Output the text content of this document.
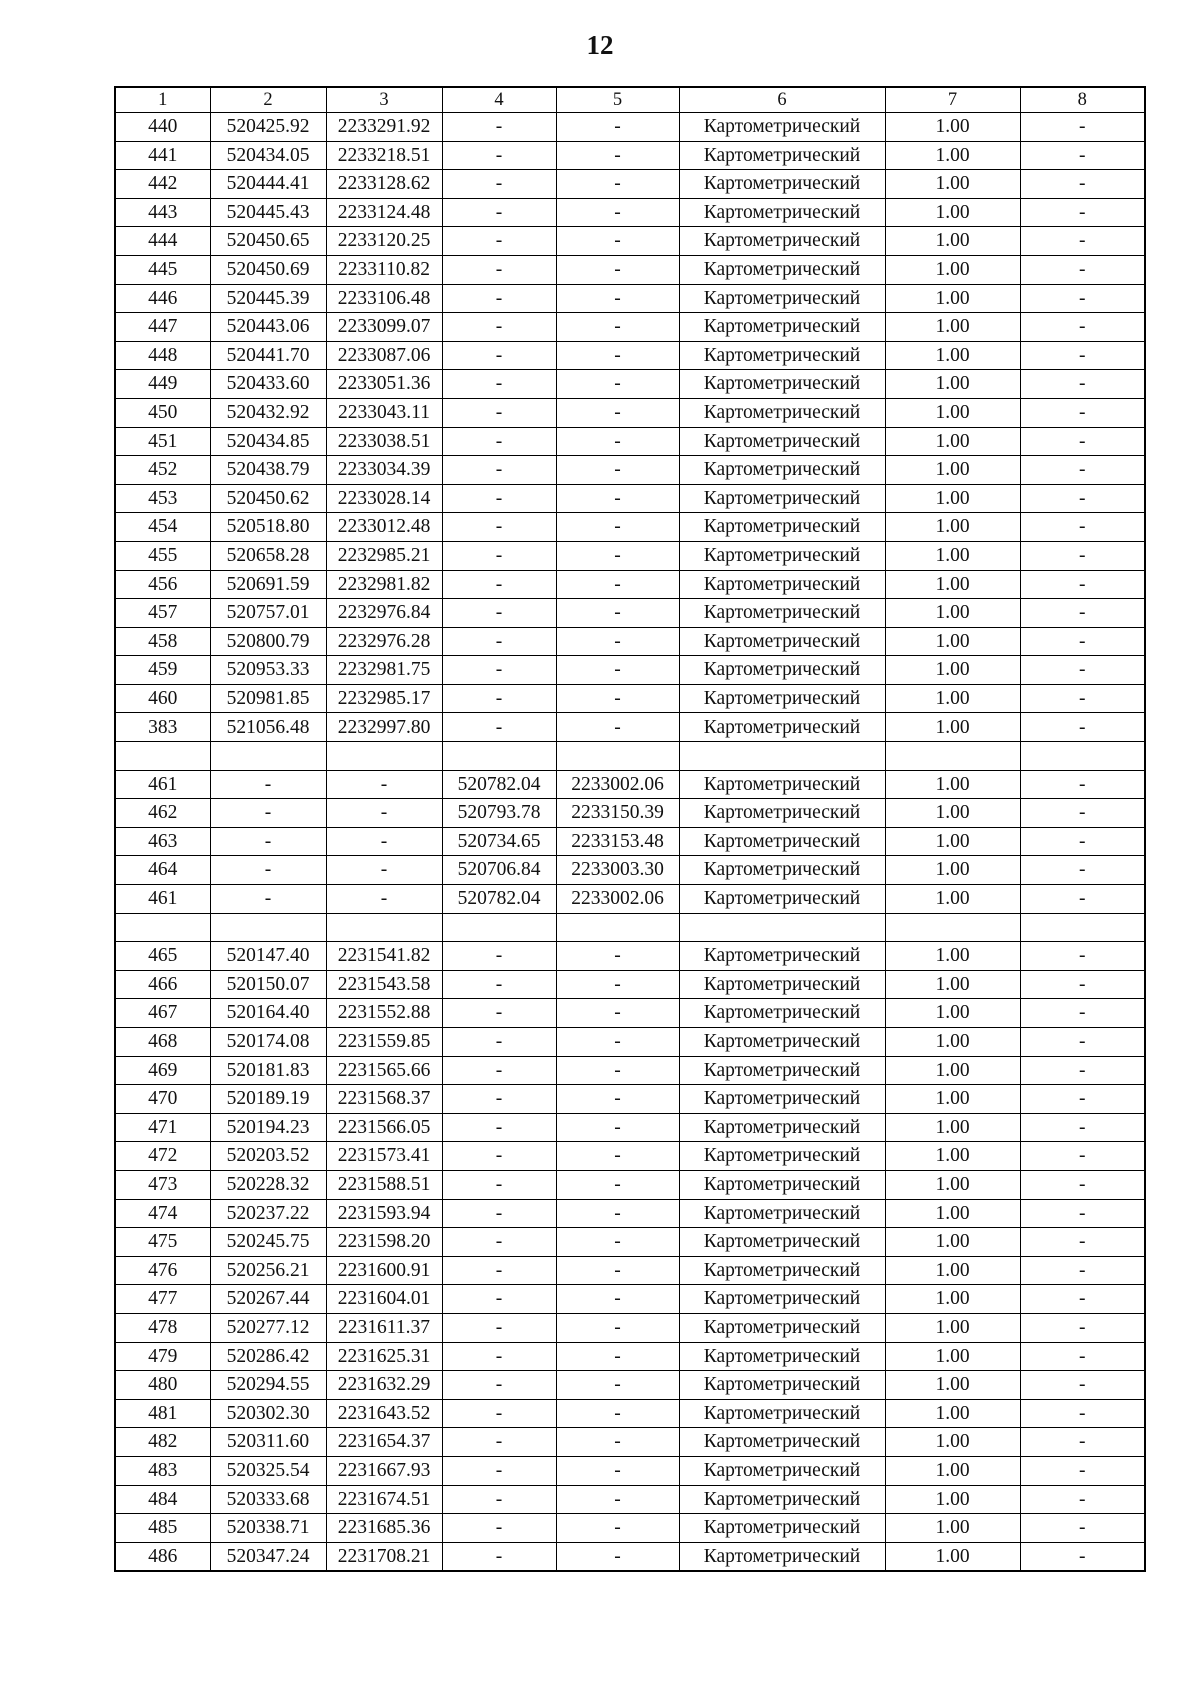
12
1	2	3	4	5	6	7	8
440	520425.92	2233291.92	-	-	Картометрический	1.00	-
441	520434.05	2233218.51	-	-	Картометрический	1.00	-
442	520444.41	2233128.62	-	-	Картометрический	1.00	-
443	520445.43	2233124.48	-	-	Картометрический	1.00	-
444	520450.65	2233120.25	-	-	Картометрический	1.00	-
445	520450.69	2233110.82	-	-	Картометрический	1.00	-
446	520445.39	2233106.48	-	-	Картометрический	1.00	-
447	520443.06	2233099.07	-	-	Картометрический	1.00	-
448	520441.70	2233087.06	-	-	Картометрический	1.00	-
449	520433.60	2233051.36	-	-	Картометрический	1.00	-
450	520432.92	2233043.11	-	-	Картометрический	1.00	-
451	520434.85	2233038.51	-	-	Картометрический	1.00	-
452	520438.79	2233034.39	-	-	Картометрический	1.00	-
453	520450.62	2233028.14	-	-	Картометрический	1.00	-
454	520518.80	2233012.48	-	-	Картометрический	1.00	-
455	520658.28	2232985.21	-	-	Картометрический	1.00	-
456	520691.59	2232981.82	-	-	Картометрический	1.00	-
457	520757.01	2232976.84	-	-	Картометрический	1.00	-
458	520800.79	2232976.28	-	-	Картометрический	1.00	-
459	520953.33	2232981.75	-	-	Картометрический	1.00	-
460	520981.85	2232985.17	-	-	Картометрический	1.00	-
383	521056.48	2232997.80	-	-	Картометрический	1.00	-

461	-	-	520782.04	2233002.06	Картометрический	1.00	-
462	-	-	520793.78	2233150.39	Картометрический	1.00	-
463	-	-	520734.65	2233153.48	Картометрический	1.00	-
464	-	-	520706.84	2233003.30	Картометрический	1.00	-
461	-	-	520782.04	2233002.06	Картометрический	1.00	-

465	520147.40	2231541.82	-	-	Картометрический	1.00	-
466	520150.07	2231543.58	-	-	Картометрический	1.00	-
467	520164.40	2231552.88	-	-	Картометрический	1.00	-
468	520174.08	2231559.85	-	-	Картометрический	1.00	-
469	520181.83	2231565.66	-	-	Картометрический	1.00	-
470	520189.19	2231568.37	-	-	Картометрический	1.00	-
471	520194.23	2231566.05	-	-	Картометрический	1.00	-
472	520203.52	2231573.41	-	-	Картометрический	1.00	-
473	520228.32	2231588.51	-	-	Картометрический	1.00	-
474	520237.22	2231593.94	-	-	Картометрический	1.00	-
475	520245.75	2231598.20	-	-	Картометрический	1.00	-
476	520256.21	2231600.91	-	-	Картометрический	1.00	-
477	520267.44	2231604.01	-	-	Картометрический	1.00	-
478	520277.12	2231611.37	-	-	Картометрический	1.00	-
479	520286.42	2231625.31	-	-	Картометрический	1.00	-
480	520294.55	2231632.29	-	-	Картометрический	1.00	-
481	520302.30	2231643.52	-	-	Картометрический	1.00	-
482	520311.60	2231654.37	-	-	Картометрический	1.00	-
483	520325.54	2231667.93	-	-	Картометрический	1.00	-
484	520333.68	2231674.51	-	-	Картометрический	1.00	-
485	520338.71	2231685.36	-	-	Картометрический	1.00	-
486	520347.24	2231708.21	-	-	Картометрический	1.00	-
